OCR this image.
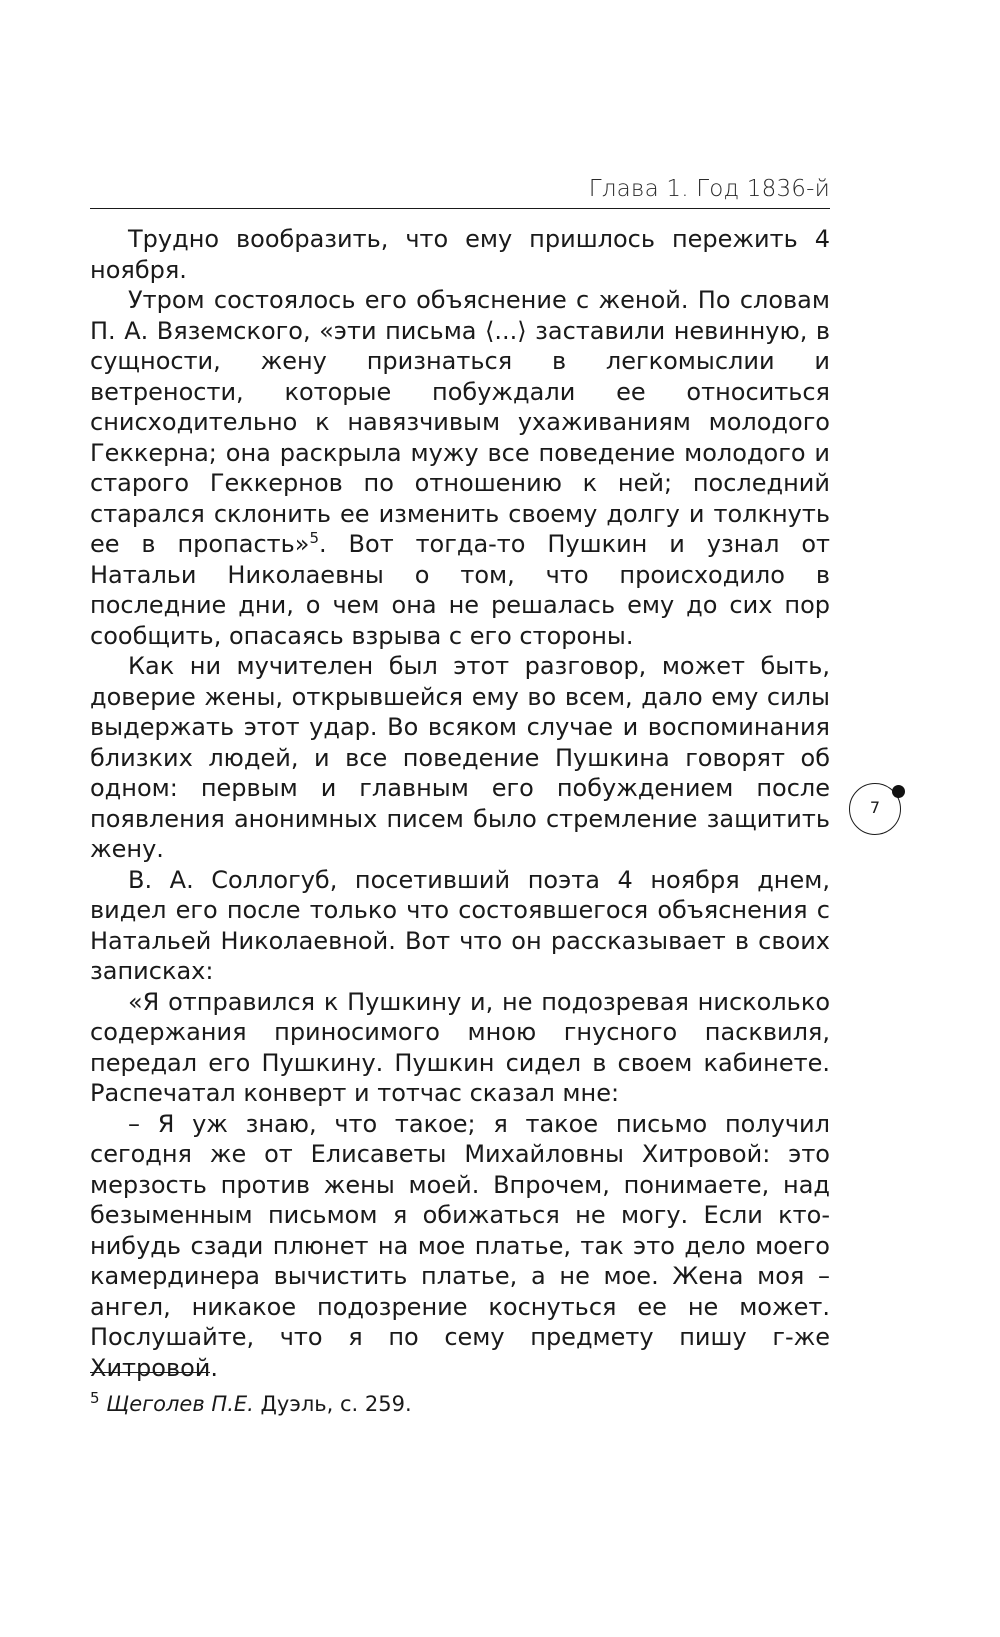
Глава 1. Год 1836-й

Трудно вообразить, что ему пришлось пережить 4 ноября.

Утром состоялось его объяснение с женой. По словам П. А. Вяземского, «эти письма ⟨...⟩ заставили невинную, в сущности, жену признаться в легкомыслии и ветрености, которые побуждали ее относиться снисходительно к навязчивым ухаживаниям молодого Геккерна; она раскрыла мужу все поведение молодого и старого Геккернов по отношению к ней; последний старался склонить ее изменить своему долгу и толкнуть ее в пропасть»$^5$. Вот тогда-то Пушкин и узнал от Натальи Николаевны о том, что происходило в последние дни, о чем она не решалась ему до сих пор сообщить, опасаясь взрыва с его стороны.

Как ни мучителен был этот разговор, может быть, доверие жены, открывшейся ему во всем, дало ему силы выдержать этот удар. Во всяком случае и воспоминания близких людей, и все поведение Пушкина говорят об одном: первым и главным его побуждением после появления анонимных писем было стремление защитить жену.

В. А. Соллогуб, посетивший поэта 4 ноября днем, видел его после только что состоявшегося объяснения с Натальей Николаевной. Вот что он рассказывает в своих записках:

«Я отправился к Пушкину и, не подозревая нисколько содержания приносимого мною гнусного пасквиля, передал его Пушкину. Пушкин сидел в своем кабинете. Распечатал конверт и тотчас сказал мне:

– Я уж знаю, что такое; я такое письмо получил сегодня же от Елисаветы Михайловны Хитровой: это мерзость против жены моей. Впрочем, понимаете, над безыменным письмом я обижаться не могу. Если кто-нибудь сзади плюнет на мое платье, так это дело моего камердинера вычистить платье, а не мое. Жена моя – ангел, никакое подозрение коснуться ее не может. Послушайте, что я по сему предмету пишу г-же Хитровой.

$^5$ Щеголев П.Е. Дуэль, с. 259.
7
